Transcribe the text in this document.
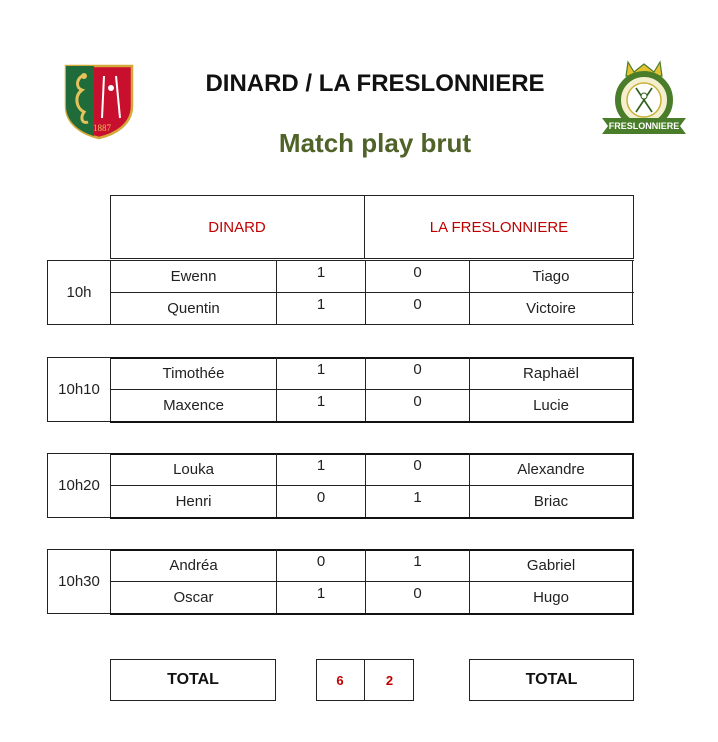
DINARD / LA FRESLONNIERE
Match play brut
1887	FRESLONNIERE
DINARD	LA FRESLONNIERE
10h
Ewenn	1	0	Tiago
Quentin	1	0	Victoire
10h10
Timothée	1	0	Raphaël
Maxence	1	0	Lucie
10h20
Louka	1	0	Alexandre
Henri	0	1	Briac
10h30
Andréa	0	1	Gabriel
Oscar	1	0	Hugo
TOTAL	6	2	TOTAL
